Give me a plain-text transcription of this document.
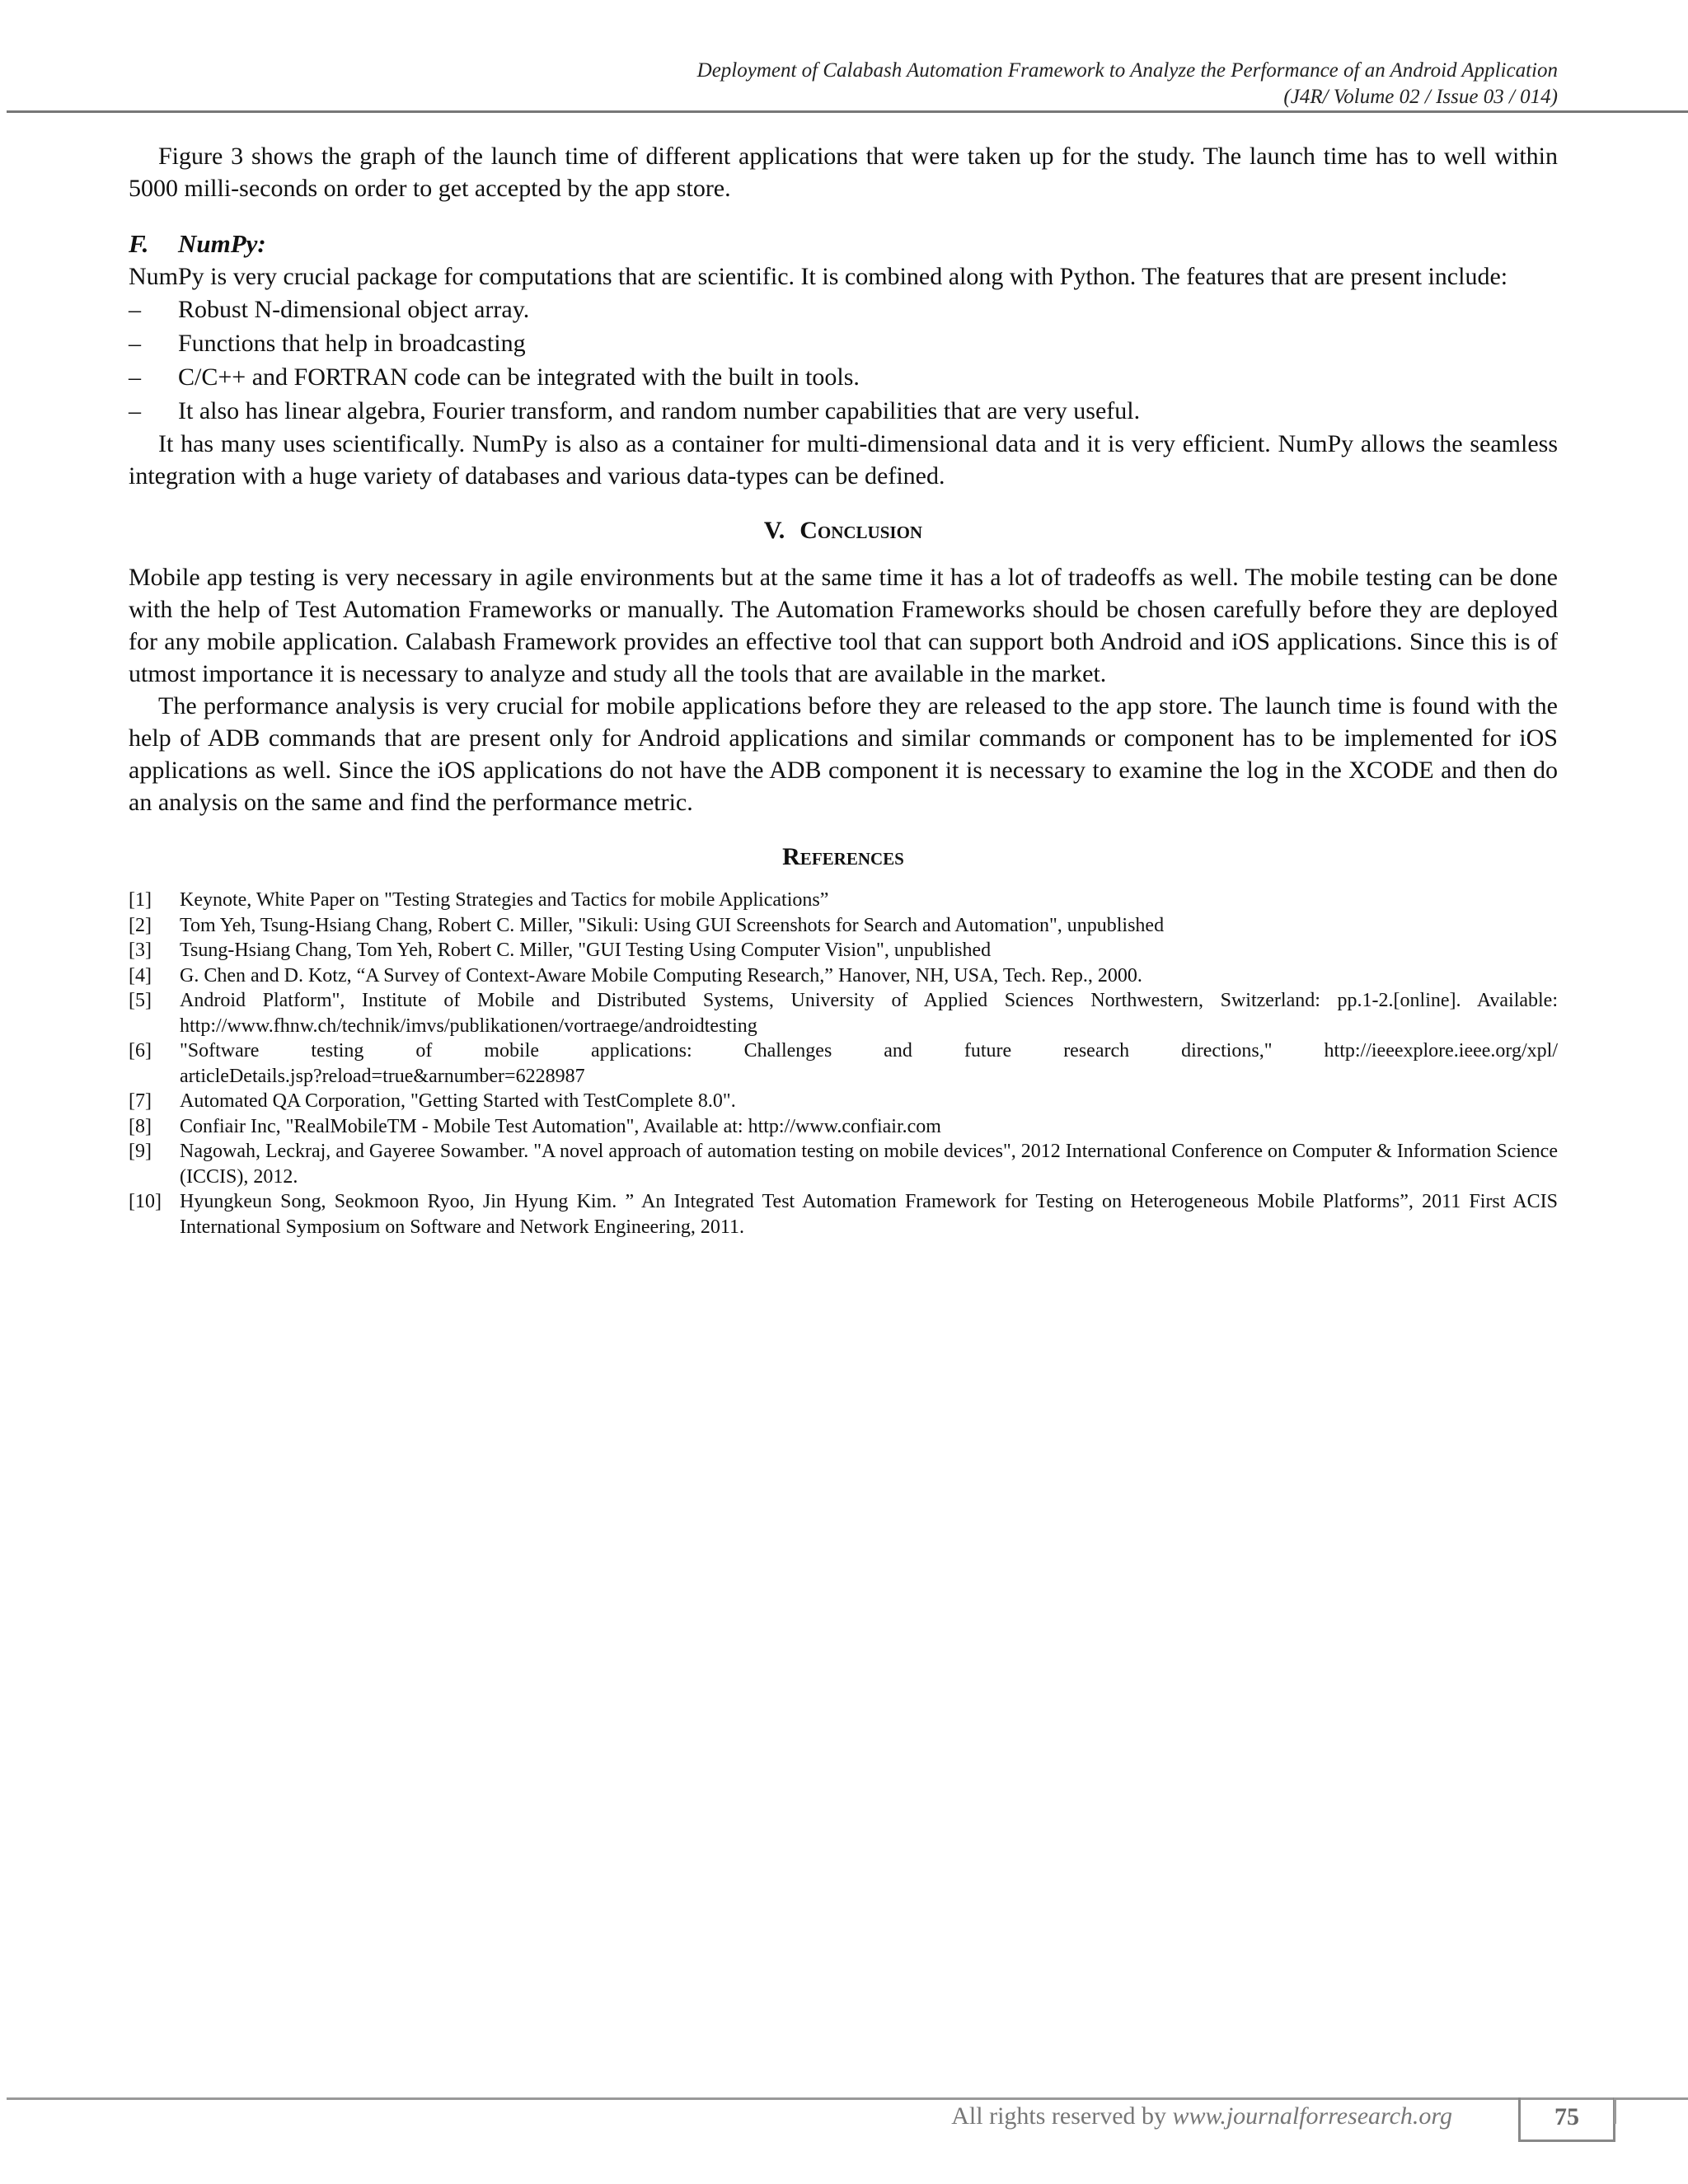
Deployment of Calabash Automation Framework to Analyze the Performance of an Android Application
(J4R/ Volume 02 / Issue 03 / 014)

Figure 3 shows the graph of the launch time of different applications that were taken up for the study. The launch time has to well within 5000 milli-seconds on order to get accepted by the app store.

F. NumPy:

NumPy is very crucial package for computations that are scientific. It is combined along with Python. The features that are present include:

– Robust N-dimensional object array.
– Functions that help in broadcasting
– C/C++ and FORTRAN code can be integrated with the built in tools.
– It also has linear algebra, Fourier transform, and random number capabilities that are very useful.

It has many uses scientifically. NumPy is also as a container for multi-dimensional data and it is very efficient. NumPy allows the seamless integration with a huge variety of databases and various data-types can be defined.

V. Conclusion

Mobile app testing is very necessary in agile environments but at the same time it has a lot of tradeoffs as well. The mobile testing can be done with the help of Test Automation Frameworks or manually. The Automation Frameworks should be chosen carefully before they are deployed for any mobile application. Calabash Framework provides an effective tool that can support both Android and iOS applications. Since this is of utmost importance it is necessary to analyze and study all the tools that are available in the market.

The performance analysis is very crucial for mobile applications before they are released to the app store. The launch time is found with the help of ADB commands that are present only for Android applications and similar commands or component has to be implemented for iOS applications as well. Since the iOS applications do not have the ADB component it is necessary to examine the log in the XCODE and then do an analysis on the same and find the performance metric.

References
[1] Keynote, White Paper on "Testing Strategies and Tactics for mobile Applications”
[2] Tom Yeh, Tsung-Hsiang Chang, Robert C. Miller, "Sikuli: Using GUI Screenshots for Search and Automation", unpublished
[3] Tsung-Hsiang Chang, Tom Yeh, Robert C. Miller, "GUI Testing Using Computer Vision", unpublished
[4] G. Chen and D. Kotz, “A Survey of Context-Aware Mobile Computing Research,” Hanover, NH, USA, Tech. Rep., 2000.
[5] Android Platform", Institute of Mobile and Distributed Systems, University of Applied Sciences Northwestern, Switzerland: pp.1-2.[online]. Available: http://www.fhnw.ch/technik/imvs/publikationen/vortraege/androidtesting
[6] "Software testing of mobile applications: Challenges and future research directions," http://ieeexplore.ieee.org/xpl/
articleDetails.jsp?reload=true&arnumber=6228987
[7] Automated QA Corporation, "Getting Started with TestComplete 8.0".
[8] Confiair Inc, "RealMobileTM - Mobile Test Automation", Available at: http://www.confiair.com
[9] Nagowah, Leckraj, and Gayeree Sowamber. "A novel approach of automation testing on mobile devices", 2012 International Conference on Computer & Information Science (ICCIS), 2012.
[10] Hyungkeun Song, Seokmoon Ryoo, Jin Hyung Kim. ” An Integrated Test Automation Framework for Testing on Heterogeneous Mobile Platforms”, 2011 First ACIS International Symposium on Software and Network Engineering, 2011.
All rights reserved by www.journalforresearch.org	75
